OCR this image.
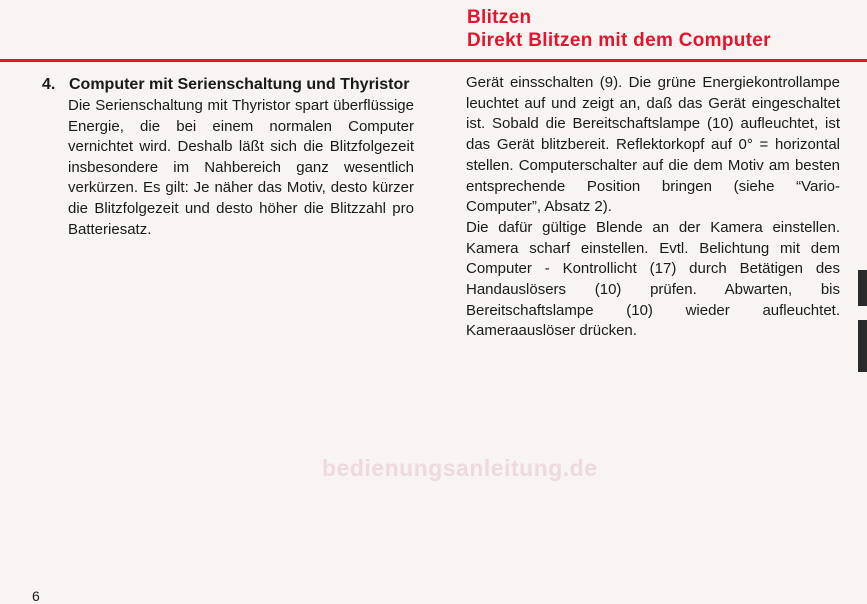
Blitzen
Direkt Blitzen mit dem Computer
4. Computer mit Serienschaltung und Thyristor

Die Serienschaltung mit Thyristor spart überflüssige Energie, die bei einem normalen Computer vernichtet wird. Deshalb läßt sich die Blitzfolgezeit insbesondere im Nahbereich ganz wesentlich verkürzen. Es gilt: Je näher das Motiv, desto kürzer die Blitzfolgezeit und desto höher die Blitzzahl pro Batteriesatz.

Gerät einsschalten (9). Die grüne Energiekontrollampe leuchtet auf und zeigt an, daß das Gerät eingeschaltet ist. Sobald die Bereitschaftslampe (10) aufleuchtet, ist das Gerät blitzbereit. Reflektorkopf auf 0° = horizontal stellen. Computerschalter auf die dem Motiv am besten entsprechende Position bringen (siehe “Vario-Computer”, Absatz 2).

Die dafür gültige Blende an der Kamera einstellen. Kamera scharf einstellen. Evtl. Belichtung mit dem Computer - Kontrollicht (17) durch Betätigen des Handauslösers (10) prüfen. Abwarten, bis Bereitschaftslampe (10) wieder aufleuchtet. Kameraauslöser drücken.

bedienungsanleitung.de
6
